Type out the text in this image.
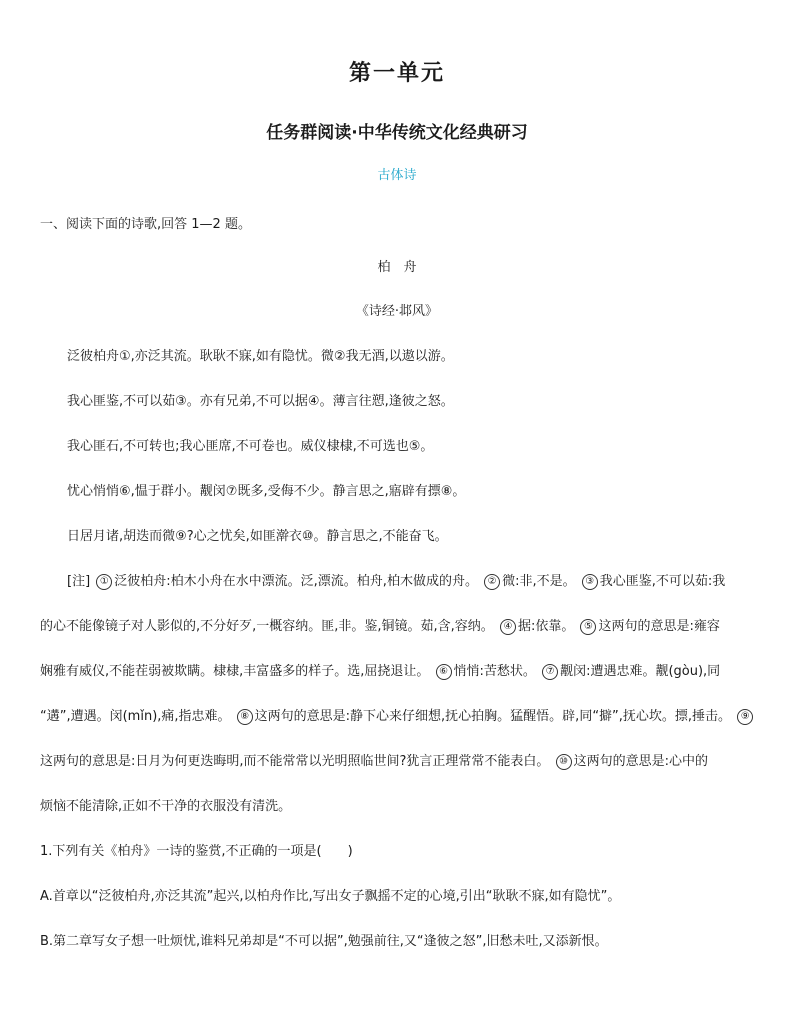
第一单元
任务群阅读·中华传统文化经典研习
古体诗
一、阅读下面的诗歌,回答 1—2 题。
柏　舟
《诗经·邶风》
泛彼柏舟①,亦泛其流。耿耿不寐,如有隐忧。微②我无酒,以遨以游。
我心匪鉴,不可以茹③。亦有兄弟,不可以据④。薄言往愬,逢彼之怒。
我心匪石,不可转也;我心匪席,不可卷也。威仪棣棣,不可选也⑤。
忧心悄悄⑥,愠于群小。觏闵⑦既多,受侮不少。静言思之,寤辟有摽⑧。
日居月诸,胡迭而微⑨?心之忧矣,如匪澣衣⑩。静言思之,不能奋飞。
[注] ① 泛彼柏舟:柏木小舟在水中漂流。泛,漂流。柏舟,柏木做成的舟。 ② 微:非,不是。 ③ 我心匪鉴,不可以茹:我
的心不能像镜子对人影似的,不分好歹,一概容纳。匪,非。鉴,铜镜。茹,含,容纳。 ④ 据:依靠。 ⑤ 这两句的意思是:雍容
娴雅有威仪,不能茬弱被欺瞒。棣棣,丰富盛多的样子。选,屈挠退让。 ⑥ 悄悄:苦愁状。 ⑦ 觏闵:遭遇忠难。觏(gòu),同
“遘”,遭遇。闵(mǐn),痛,指忠难。 ⑧ 这两句的意思是:静下心来仔细想,抚心拍胸。猛醒悟。辟,同“擗”,抚心坎。摽,捶击。 ⑨
这两句的意思是:日月为何更迭晦明,而不能常常以光明照临世间?犹言正理常常不能表白。 ⑩ 这两句的意思是:心中的
烦恼不能清除,正如不干净的衣服没有清洗。
1.下列有关《柏舟》一诗的鉴赏,不正确的一项是(　　)
A.首章以“泛彼柏舟,亦泛其流”起兴,以柏舟作比,写出女子飘摇不定的心境,引出“耿耿不寐,如有隐忧”。
B.第二章写女子想一吐烦忧,谁料兄弟却是“不可以据”,勉强前往,又“逢彼之怒”,旧愁未吐,又添新恨。
